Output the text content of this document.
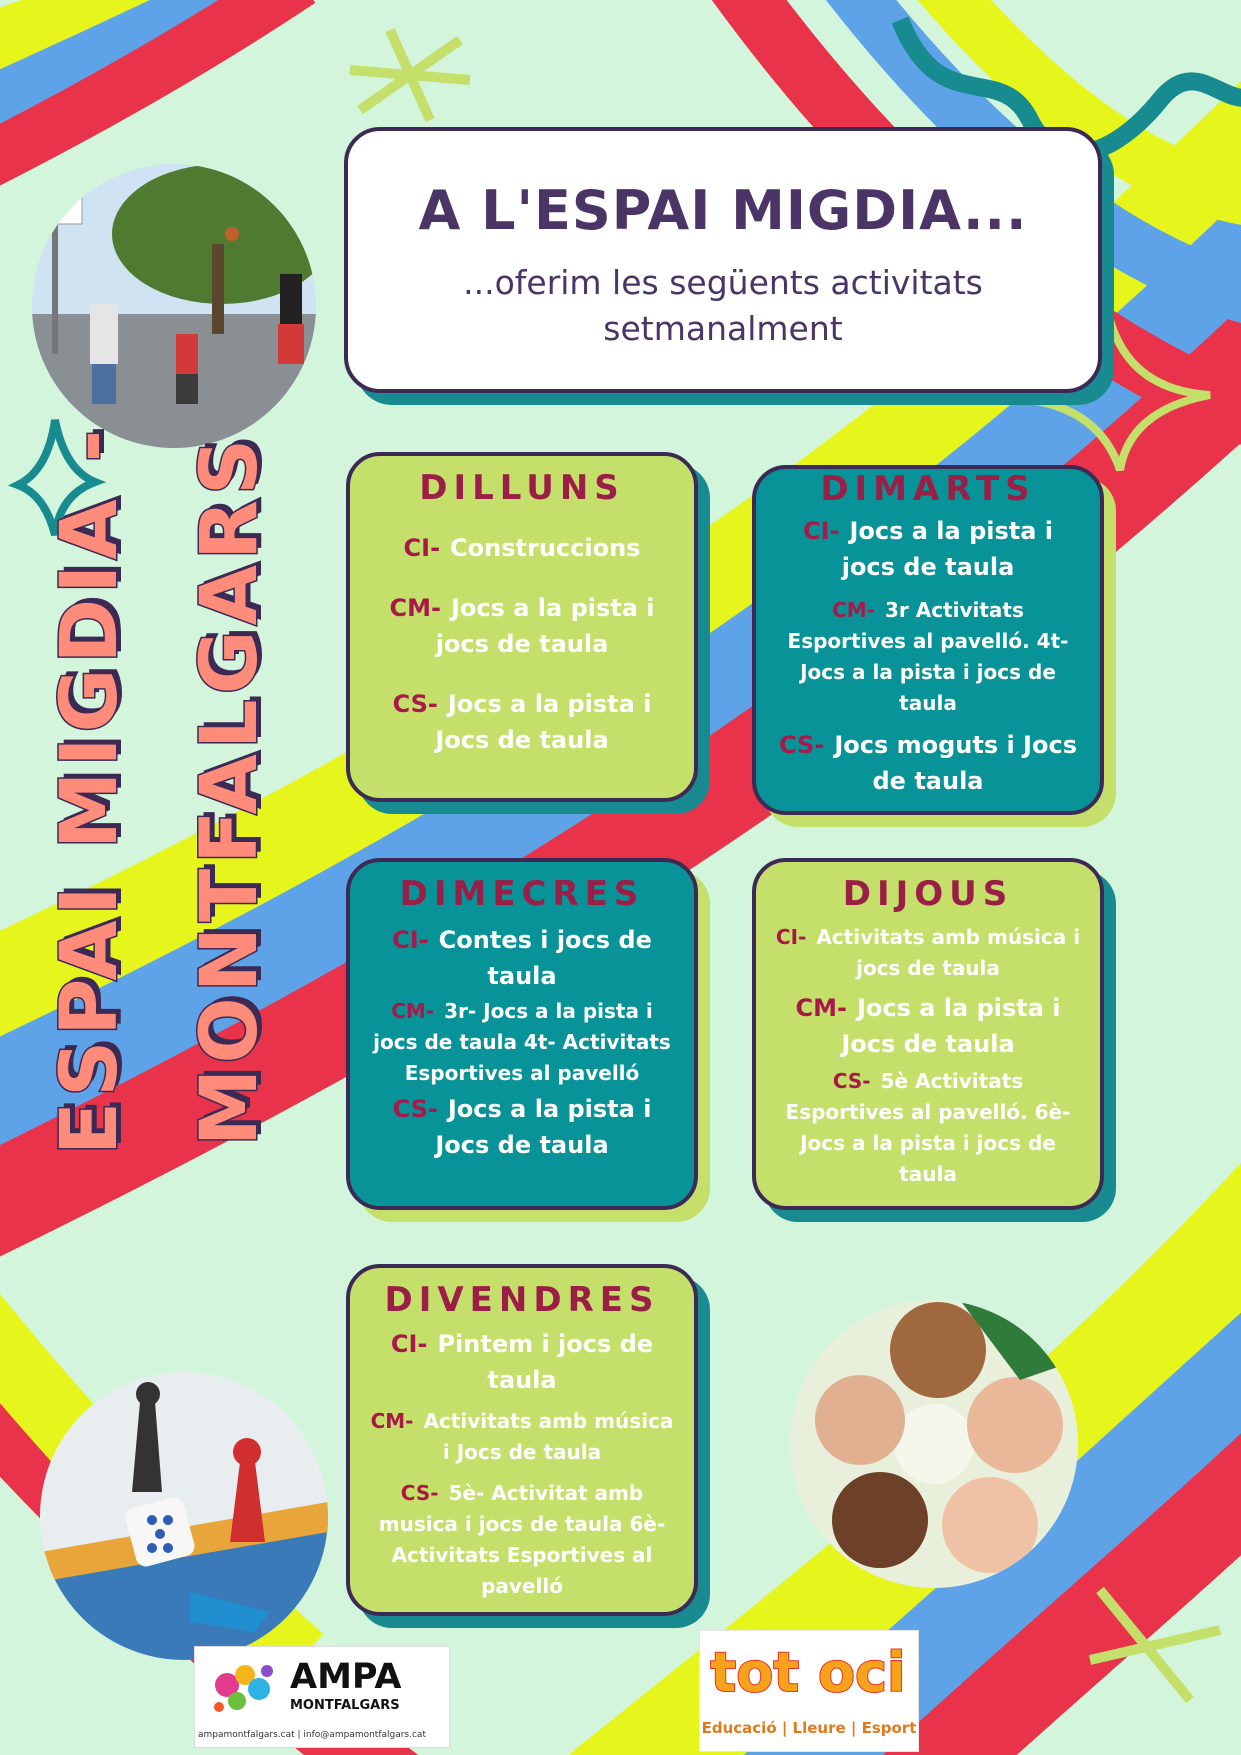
ESPAI MIGDIA - MONTFALGARS
A L'ESPAI MIGDIA...
...oferim les següents activitats setmanalment
DILLUNS
CI- Construccions
CM- Jocs a la pista i jocs de taula
CS- Jocs a la pista i Jocs de taula
DIMARTS
CI- Jocs a la pista i jocs de taula
CM- 3r Activitats Esportives al pavelló. 4t- Jocs a la pista i jocs de taula
CS- Jocs moguts i Jocs de taula
DIMECRES
CI- Contes i jocs de taula
CM- 3r- Jocs a la pista i jocs de taula 4t- Activitats Esportives al pavelló
CS- Jocs a la pista i Jocs de taula
DIJOUS
CI- Activitats amb música i jocs de taula
CM- Jocs a la pista i Jocs de taula
CS- 5è Activitats Esportives al pavelló. 6è- Jocs a la pista i jocs de taula
DIVENDRES
CI- Pintem i jocs de taula
CM- Activitats amb música i Jocs de taula
CS- 5è- Activitat amb musica i jocs de taula 6è- Activitats Esportives al pavelló
AMPA
MONTFALGARS
ampamontfalgars.cat | info@ampamontfalgars.cat
tot oci
Educació | Lleure | Esport
